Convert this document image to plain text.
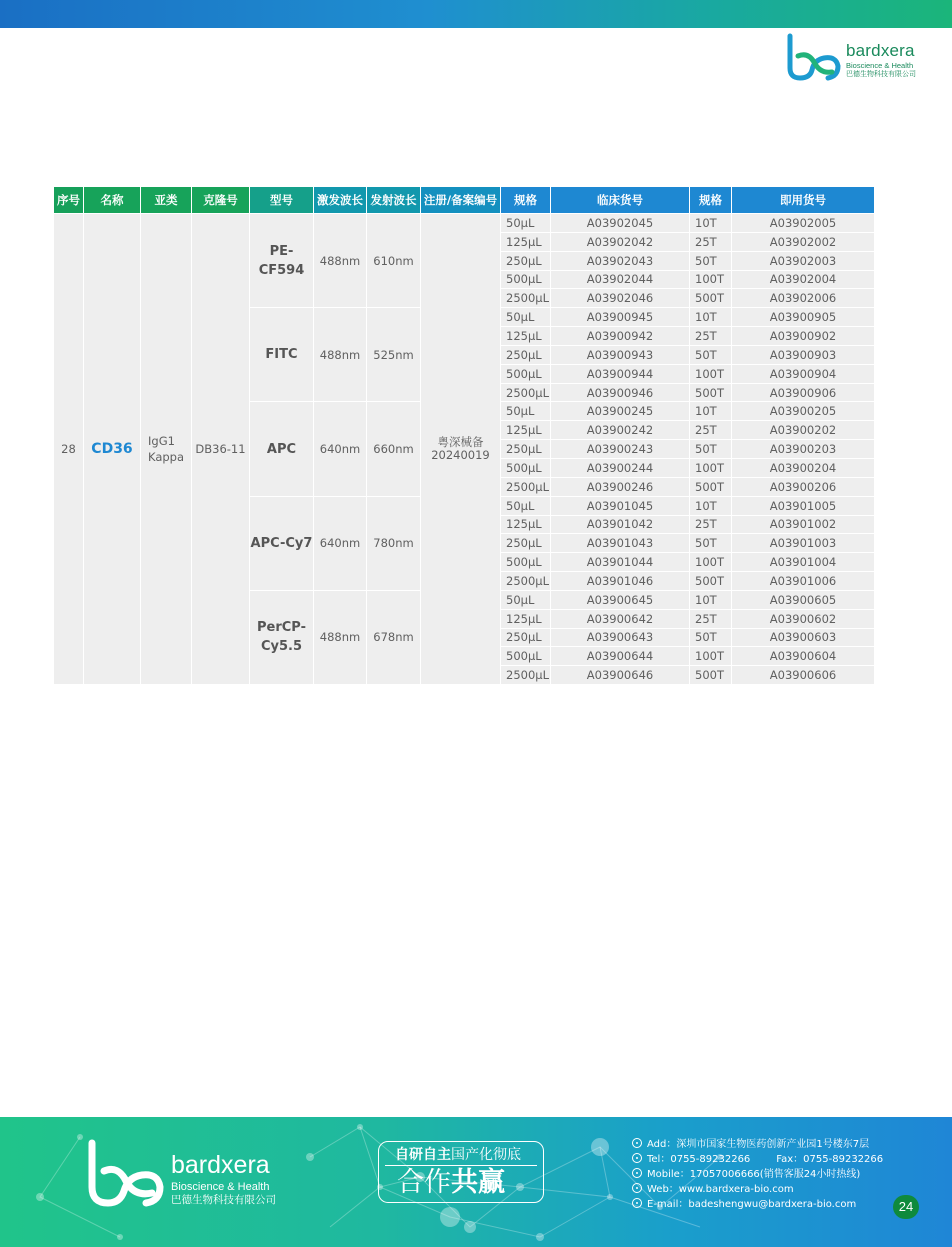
bardxera
Bioscience & Health
巴德生物科技有限公司
序号	名称	亚类	克隆号	型号	激发波长	发射波长	注册/备案编号	规格	临床货号	规格	即用货号
28	CD36	IgG1 Kappa	DB36-11	PE-CF594	488nm	610nm	粤深械备 20240019	50µL	A03902045	10T	A03902005
								125µL	A03902042	25T	A03902002
								250µL	A03902043	50T	A03902003
								500µL	A03902044	100T	A03902004
								2500µL	A03902046	500T	A03902006
				FITC	488nm	525nm		50µL	A03900945	10T	A03900905
								125µL	A03900942	25T	A03900902
								250µL	A03900943	50T	A03900903
								500µL	A03900944	100T	A03900904
								2500µL	A03900946	500T	A03900906
				APC	640nm	660nm		50µL	A03900245	10T	A03900205
								125µL	A03900242	25T	A03900202
								250µL	A03900243	50T	A03900203
								500µL	A03900244	100T	A03900204
								2500µL	A03900246	500T	A03900206
				APC-Cy7	640nm	780nm		50µL	A03901045	10T	A03901005
								125µL	A03901042	25T	A03901002
								250µL	A03901043	50T	A03901003
								500µL	A03901044	100T	A03901004
								2500µL	A03901046	500T	A03901006
				PerCP-Cy5.5	488nm	678nm		50µL	A03900645	10T	A03900605
								125µL	A03900642	25T	A03900602
								250µL	A03900643	50T	A03900603
								500µL	A03900644	100T	A03900604
								2500µL	A03900646	500T	A03900606
bardxera
Bioscience & Health
巴德生物科技有限公司
自研自主国产化彻底
合作共赢
Add：深圳市国家生物医药创新产业园1号楼东7层
Tel：0755-89232266	Fax：0755-89232266
Mobile：17057006666(销售客服24小时热线)
Web：www.bardxera-bio.com
E-mail：badeshengwu@bardxera-bio.com	24
